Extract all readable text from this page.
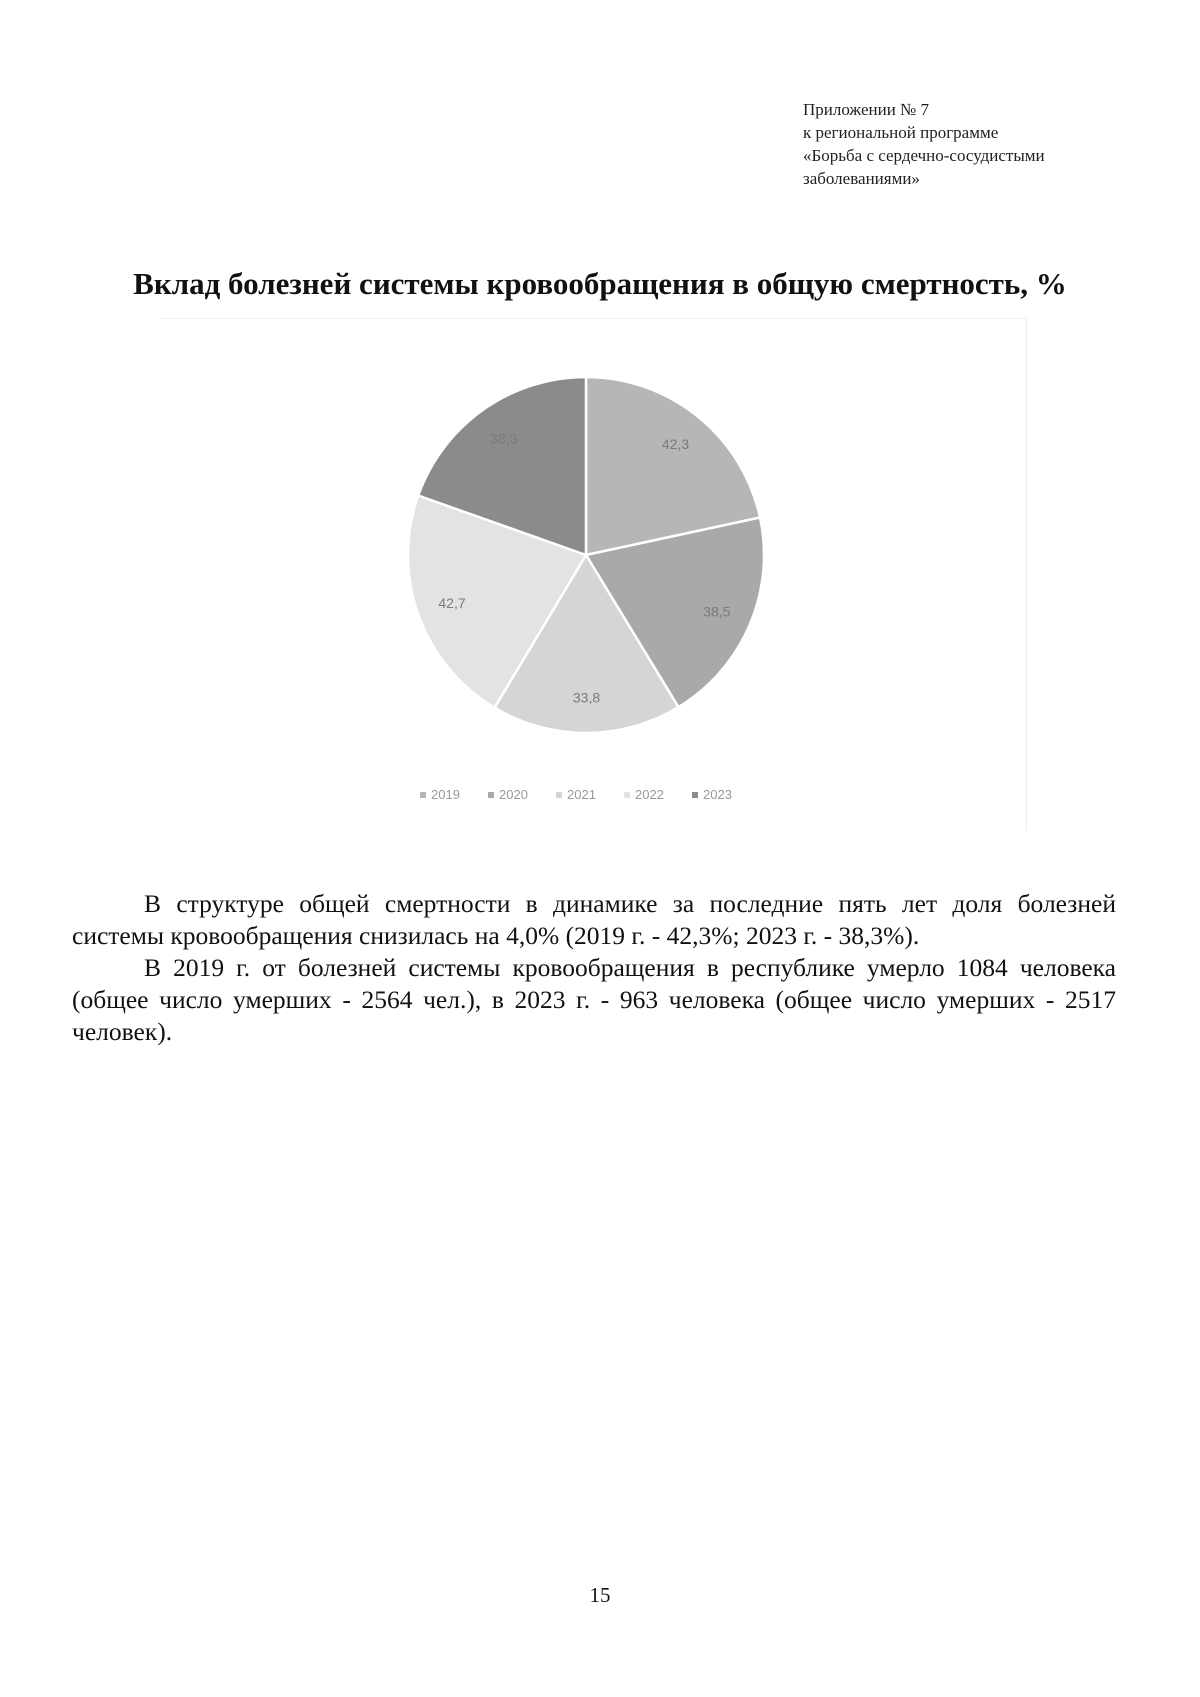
Приложении № 7
к региональной программе
«Борьба с сердечно-сосудистыми
заболеваниями»
Вклад болезней системы кровообращения в общую смертность, %
42,3
38,5
33,8
42,7
38,3
2019	2020	2021	2022	2023

В структуре общей смертности в динамике за последние пять лет доля болезней системы кровообращения снизилась на 4,0% (2019 г. - 42,3%; 2023 г. - 38,3%).

В 2019 г. от болезней системы кровообращения в республике умерло 1084 человека (общее число умерших - 2564 чел.), в 2023 г. - 963 человека (общее число умерших - 2517 человек).

15
